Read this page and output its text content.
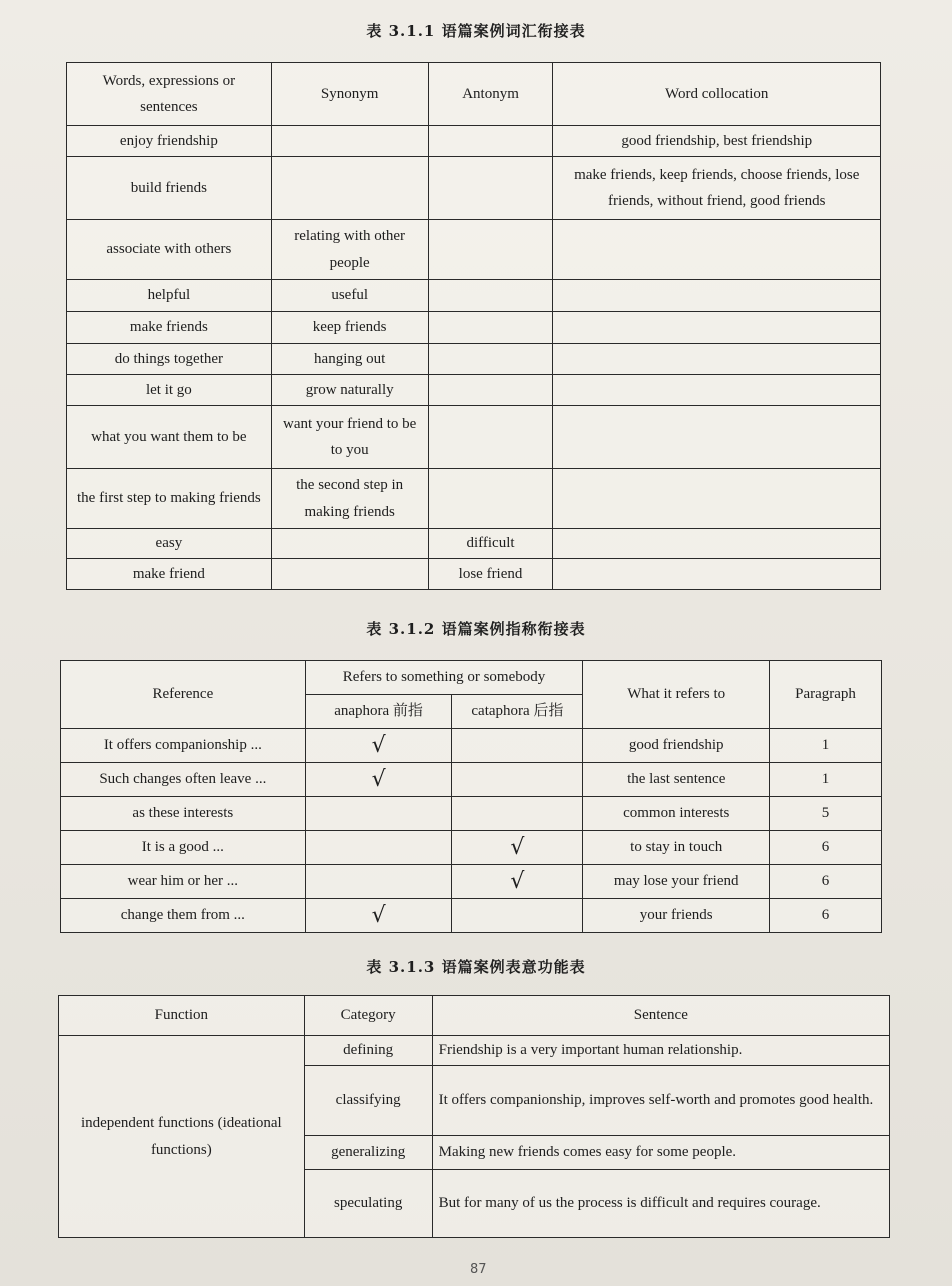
表 3.1.1 语篇案例词汇衔接表
Words, expressions or sentences	Synonym	Antonym	Word collocation
enjoy friendship			good friendship, best friendship
build friends			make friends, keep friends, choose friends, lose friends, without friend, good friends
associate with others	relating with other people		
helpful	useful		
make friends	keep friends		
do things together	hanging out		
let it go	grow naturally		
what you want them to be	want your friend to be to you		
the first step to making friends	the second step in making friends		
easy		difficult	
make friend		lose friend	
表 3.1.2 语篇案例指称衔接表
Reference	Refers to something or somebody		What it refers to	Paragraph
	anaphora 前指	cataphora 后指		
It offers companionship ...	√		good friendship	1
Such changes often leave ...	√		the last sentence	1
as these interests			common interests	5
It is a good ...		√	to stay in touch	6
wear him or her ...		√	may lose your friend	6
change them from ...	√		your friends	6
表 3.1.3 语篇案例表意功能表
Function	Category	Sentence
independent functions (ideational functions)	defining	Friendship is a very important human relationship.
	classifying	It offers companionship, improves self-worth and promotes good health.
	generalizing	Making new friends comes easy for some people.
	speculating	But for many of us the process is difficult and requires courage.
87
